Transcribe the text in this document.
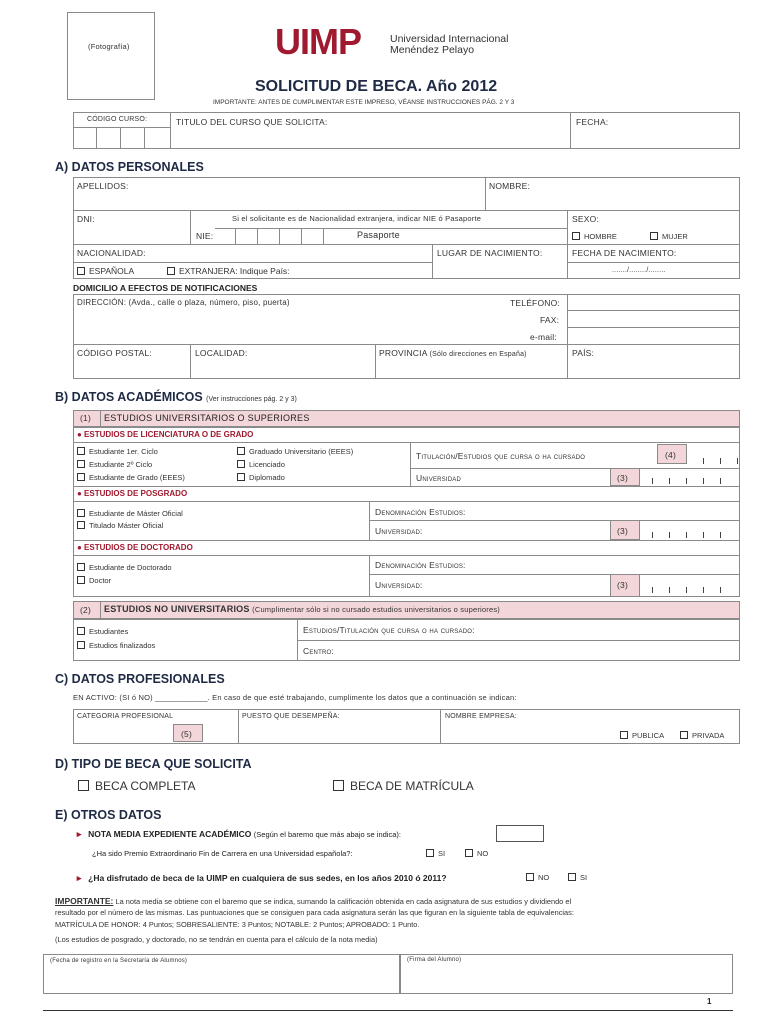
(Fotografía)	UIMP	Universidad Internacional
Menéndez Pelayo
SOLICITUD DE BECA. Año 2012
IMPORTANTE: ANTES DE CUMPLIMENTAR ESTE IMPRESO, VÉANSE INSTRUCCIONES PÁG. 2 Y 3
CÓDIGO CURSO:	TITULO DEL CURSO QUE SOLICITA:	FECHA:
A) DATOS PERSONALES
APELLIDOS:	NOMBRE:
DNI:	Si el solicitante es de Nacionalidad extranjera, indicar NIE ó Pasaporte
NIE:	Pasaporte
SEXO:
HOMBRE	MUJER
NACIONALIDAD:	LUGAR DE NACIMIENTO:	FECHA DE NACIMIENTO:
ESPAÑOLA	EXTRANJERA: Indique País:	......./......../........
DOMICILIO A EFECTOS DE NOTIFICACIONES
DIRECCIÓN: (Avda., calle o plaza, número, piso, puerta)	TELÉFONO:
FAX:
e-mail:
CÓDIGO POSTAL:	LOCALIDAD:	PROVINCIA (Sólo direcciones en España)	PAÍS:
B) DATOS ACADÉMICOS (Ver instrucciones pág. 2 y 3)
(1) ESTUDIOS UNIVERSITARIOS O SUPERIORES
● ESTUDIOS DE LICENCIATURA O DE GRADO
Estudiante 1er. Ciclo
Estudiante 2º Ciclo
Estudiante de Grado (EEES)
Graduado Universitario (EEES)
Licenciado
Diplomado
Titulación/Estudios que cursa o ha cursado	(4)
Universidad	(3)
● ESTUDIOS DE POSGRADO
Estudiante de Máster Oficial
Titulado Máster Oficial
Denominación Estudios:
Universidad:	(3)
● ESTUDIOS DE DOCTORADO
Estudiante de Doctorado
Doctor
Denominación Estudios:
Universidad:	(3)
(2) ESTUDIOS NO UNIVERSITARIOS (Cumplimentar sólo si no cursado estudios universitarios o superiores)
Estudiantes
Estudios finalizados
Estudios/Titulación que cursa o ha cursado:
Centro:
C) DATOS PROFESIONALES
EN ACTIVO: (SI ó NO) ____________. En caso de que esté trabajando, cumplimente los datos que a continuación se indican:
CATEGORIA PROFESIONAL
(5)
PUESTO QUE DESEMPEÑA:	NOMBRE EMPRESA:
PUBLICA	PRIVADA
D) TIPO DE BECA QUE SOLICITA
BECA COMPLETA	BECA DE MATRÍCULA
E) OTROS DATOS
► NOTA MEDIA EXPEDIENTE ACADÉMICO (Según el baremo que más abajo se indica):
¿Ha sido Premio Extraordinario Fin de Carrera en una Universidad española?:	SI	NO
► ¿Ha disfrutado de beca de la UIMP en cualquiera de sus sedes, en los años 2010 ó 2011?	NO	SI
IMPORTANTE: La nota media se obtiene con el baremo que se indica, sumando la calificación obtenida en cada asignatura de sus estudios y dividiendo el
resultado por el número de las mismas. Las puntuaciones que se consiguen para cada asignatura serán las que figuran en la siguiente tabla de equivalencias:
MATRÍCULA DE HONOR: 4 Puntos; SOBRESALIENTE: 3 Puntos; NOTABLE: 2 Puntos; APROBADO: 1 Punto.
(Los estudios de posgrado, y doctorado, no se tendrán en cuenta para el cálculo de la nota media)
(Fecha de registro en la Secretaría de Alumnos)	(Firma del Alumno)
1
